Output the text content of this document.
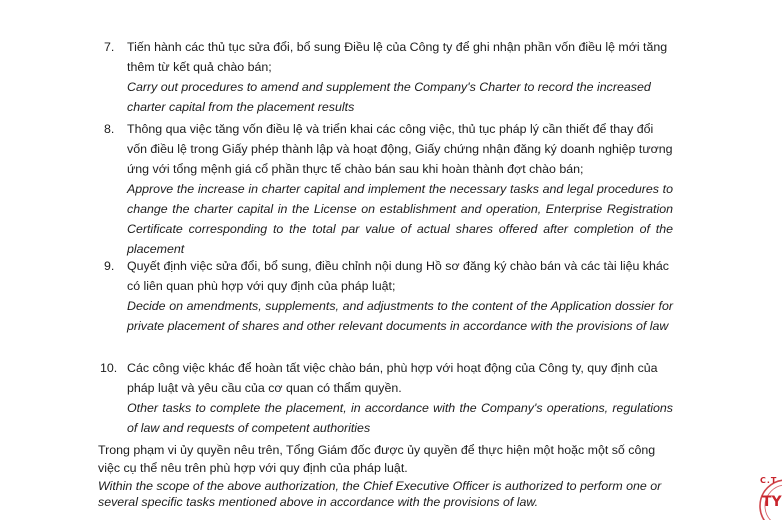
7. Tiến hành các thủ tục sửa đổi, bổ sung Điều lệ của Công ty để ghi nhận phần vốn điều lệ mới tăng thêm từ kết quả chào bán;

Carry out procedures to amend and supplement the Company's Charter to record the increased charter capital from the placement results

8. Thông qua việc tăng vốn điều lệ và triển khai các công việc, thủ tục pháp lý cần thiết để thay đổi vốn điều lệ trong Giấy phép thành lập và hoạt động, Giấy chứng nhận đăng ký doanh nghiệp tương ứng với tổng mệnh giá cổ phần thực tế chào bán sau khi hoàn thành đợt chào bán;

Approve the increase in charter capital and implement the necessary tasks and legal procedures to change the charter capital in the License on establishment and operation, Enterprise Registration Certificate corresponding to the total par value of actual shares offered after completion of the placement

9. Quyết định việc sửa đổi, bổ sung, điều chỉnh nội dung Hồ sơ đăng ký chào bán và các tài liệu khác có liên quan phù hợp với quy định của pháp luật;

Decide on amendments, supplements, and adjustments to the content of the Application dossier for private placement of shares and other relevant documents in accordance with the provisions of law

10. Các công việc khác để hoàn tất việc chào bán, phù hợp với hoạt động của Công ty, quy định của pháp luật và yêu cầu của cơ quan có thẩm quyền.

Other tasks to complete the placement, in accordance with the Company's operations, regulations of law and requests of competent authorities

Trong phạm vi ủy quyền nêu trên, Tổng Giám đốc được ủy quyền để thực hiện một hoặc một số công việc cụ thể nêu trên phù hợp với quy định của pháp luật.

Within the scope of the above authorization, the Chief Executive Officer is authorized to perform one or several specific tasks mentioned above in accordance with the provisions of law.

C.T
TY
